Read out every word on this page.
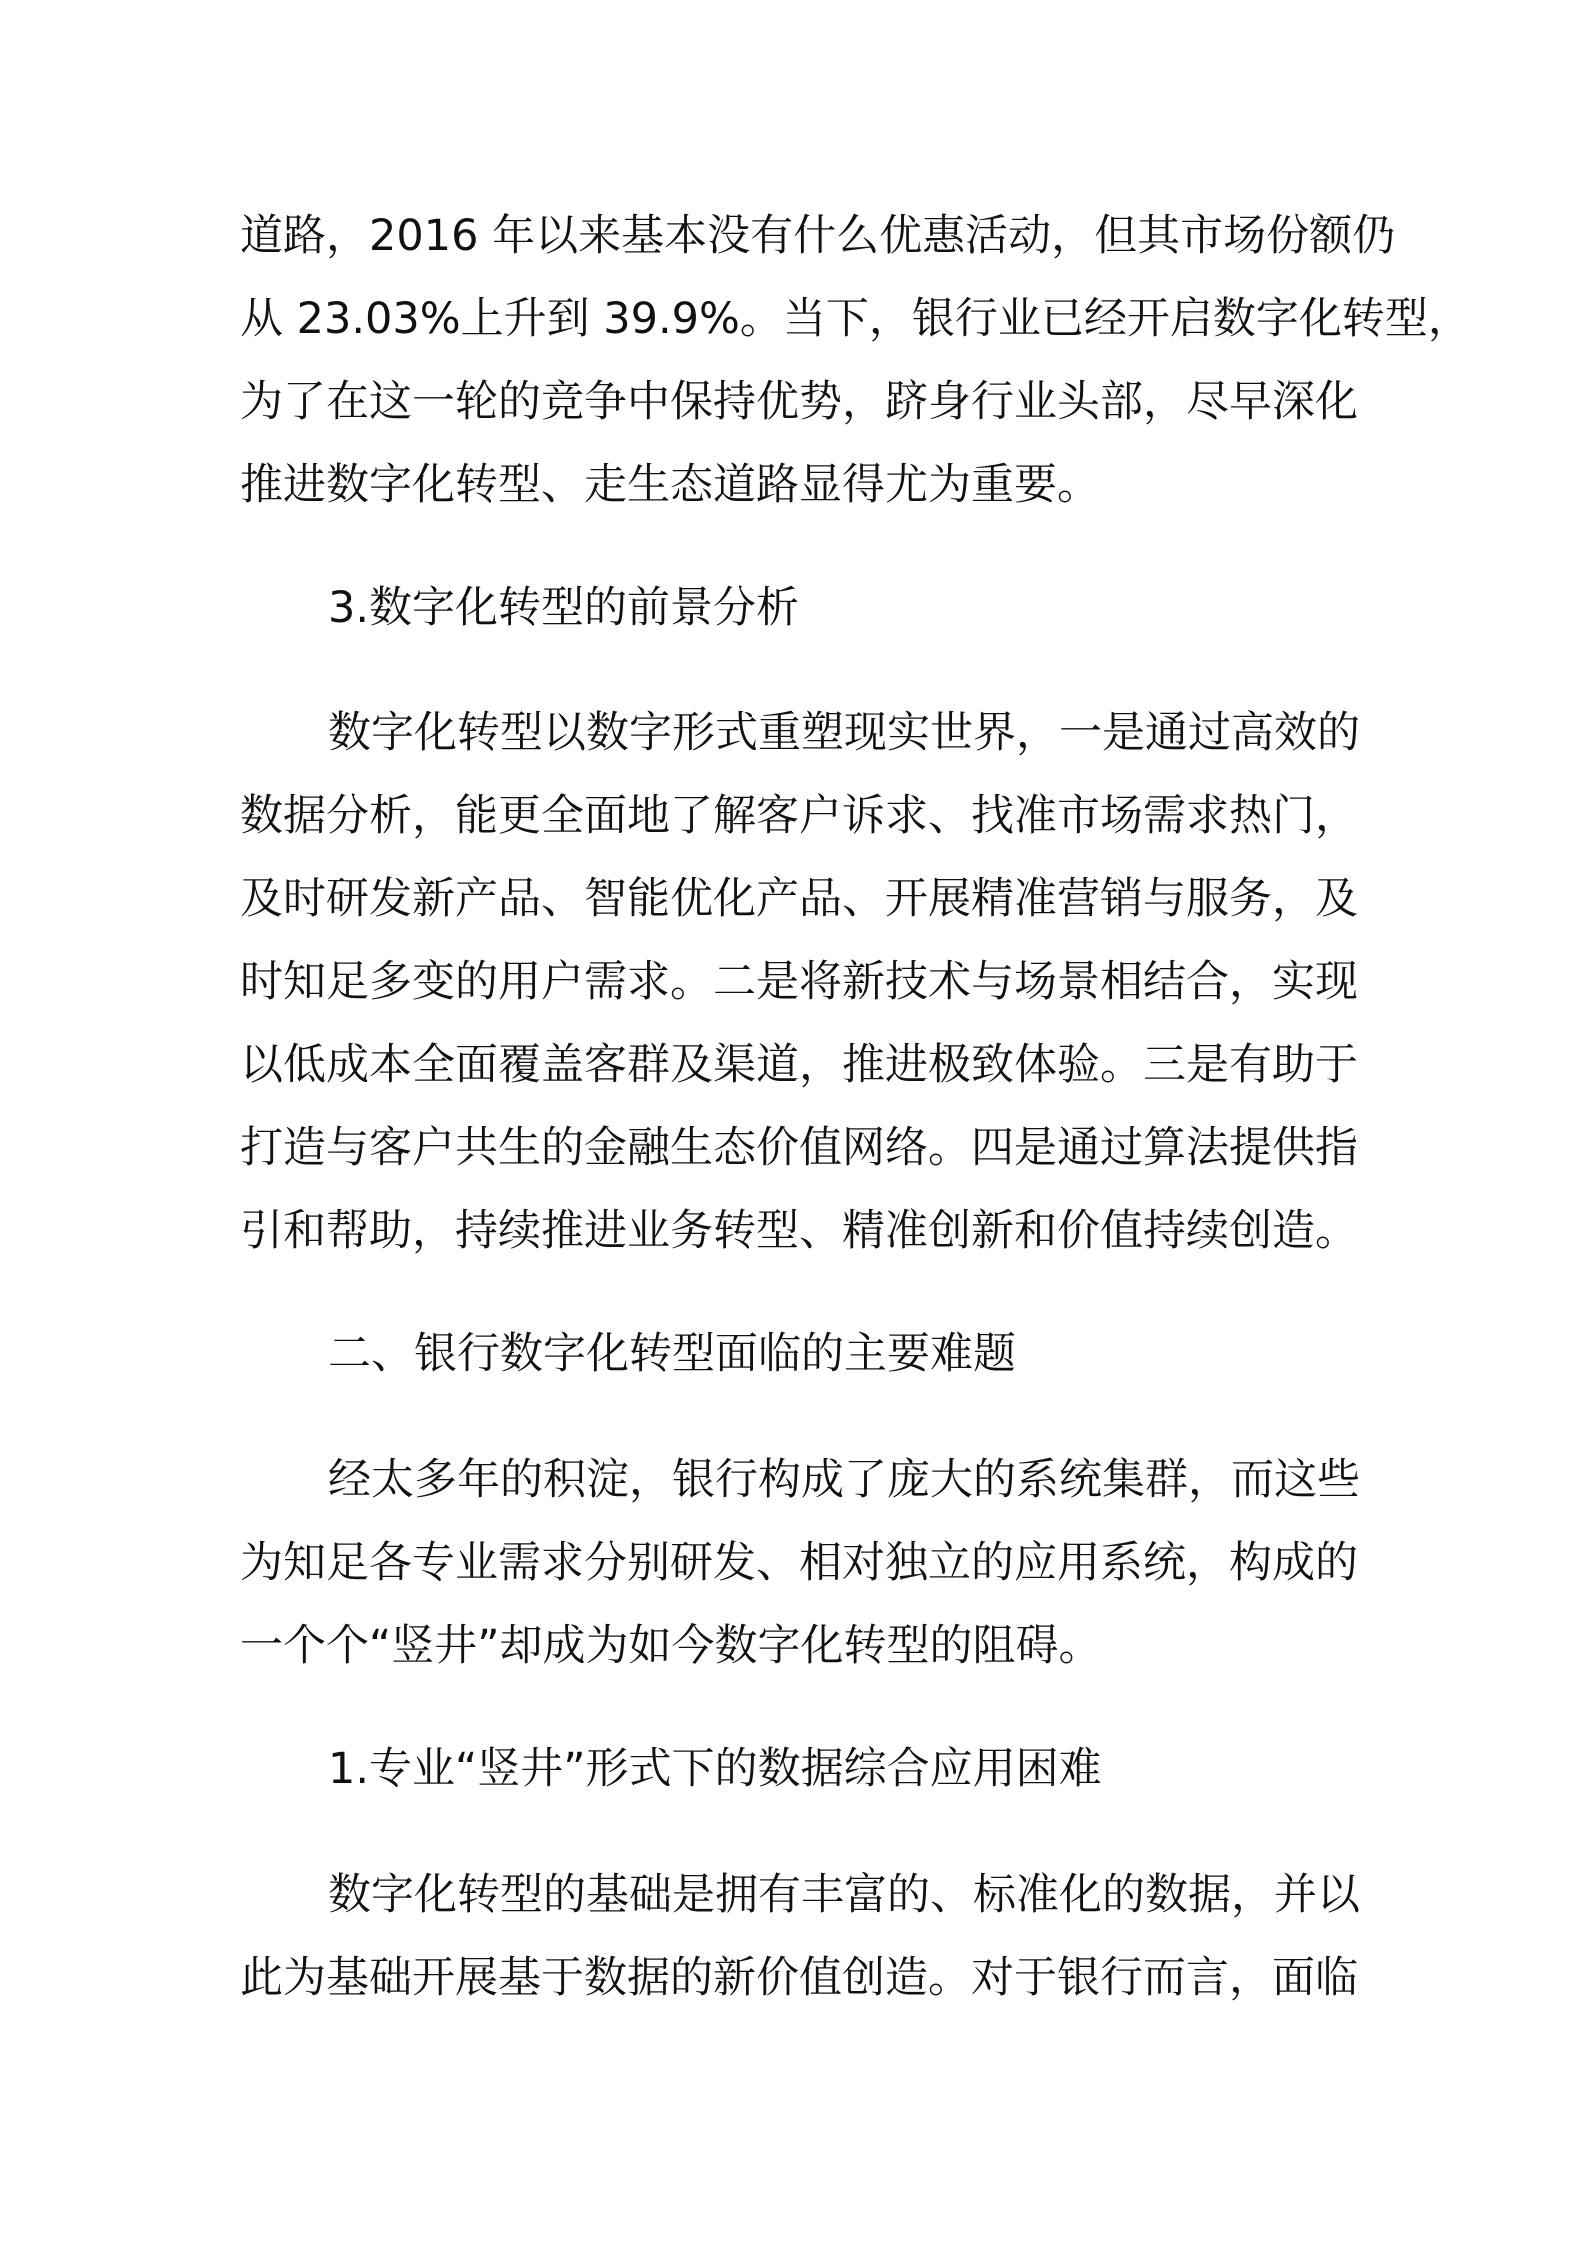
道路，2016 年以来基本没有什么优惠活动，但其市场份额仍
从 23.03%上升到 39.9%。当下，银行业已经开启数字化转型，
为了在这一轮的竞争中保持优势，跻身行业头部，尽早深化
推进数字化转型、走生态道路显得尤为重要。
3.数字化转型的前景分析
数字化转型以数字形式重塑现实世界，一是通过高效的
数据分析，能更全面地了解客户诉求、找准市场需求热门，
及时研发新产品、智能优化产品、开展精准营销与服务，及
时知足多变的用户需求。二是将新技术与场景相结合，实现
以低成本全面覆盖客群及渠道，推进极致体验。三是有助于
打造与客户共生的金融生态价值网络。四是通过算法提供指
引和帮助，持续推进业务转型、精准创新和价值持续创造。
二、银行数字化转型面临的主要难题
经太多年的积淀，银行构成了庞大的系统集群，而这些
为知足各专业需求分别研发、相对独立的应用系统，构成的
一个个“竖井”却成为如今数字化转型的阻碍。
1.专业“竖井”形式下的数据综合应用困难
数字化转型的基础是拥有丰富的、标准化的数据，并以
此为基础开展基于数据的新价值创造。对于银行而言，面临
